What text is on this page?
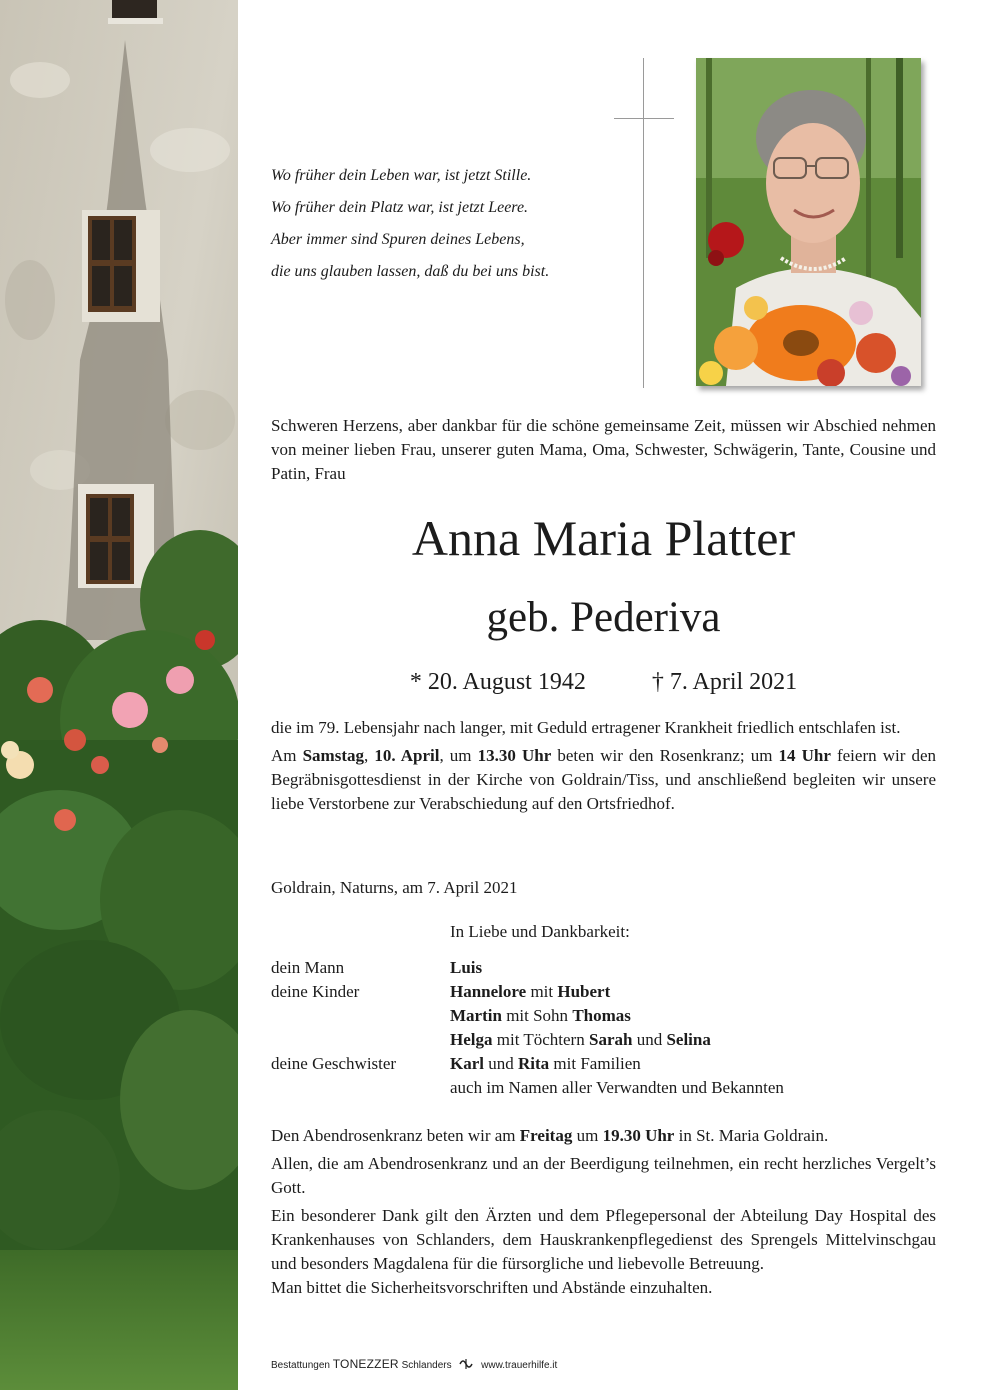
Wo früher dein Leben war, ist jetzt Stille.
Wo früher dein Platz war, ist jetzt Leere.
Aber immer sind Spuren deines Lebens,
die uns glauben lassen, daß du bei uns bist.

Schweren Herzens, aber dankbar für die schöne gemeinsame Zeit, müssen wir Abschied nehmen von meiner lieben Frau, unserer guten Mama, Oma, Schwester, Schwägerin, Tante, Cousine und Patin, Frau

Anna Maria Platter
geb. Pederiva
* 20. August 1942	† 7. April 2021

die im 79. Lebensjahr nach langer, mit Geduld ertragener Krankheit friedlich entschlafen ist.

Am Samstag, 10. April, um 13.30 Uhr beten wir den Rosenkranz; um 14 Uhr feiern wir den Begräbnisgottesdienst in der Kirche von Goldrain/Tiss, und anschließend begleiten wir unsere liebe Verstorbene zur Verabschiedung auf den Ortsfriedhof.

Goldrain, Naturns, am 7. April 2021
In Liebe und Dankbarkeit:
dein Mann	Luis
deine Kinder	Hannelore mit Hubert
Martin mit Sohn Thomas
Helga mit Töchtern Sarah und Selina
deine Geschwister	Karl und Rita mit Familien
auch im Namen aller Verwandten und Bekannten

Den Abendrosenkranz beten wir am Freitag um 19.30 Uhr in St. Maria Goldrain.

Allen, die am Abendrosenkranz und an der Beerdigung teilnehmen, ein recht herzliches Vergelt’s Gott.

Ein besonderer Dank gilt den Ärzten und dem Pflegepersonal der Abteilung Day Hospital des Krankenhauses von Schlanders, dem Hauskrankenpflegedienst des Sprengels Mittelvinschgau und besonders Magdalena für die fürsorgliche und liebevolle Betreuung.

Man bittet die Sicherheitsvorschriften und Abstände einzuhalten.

Bestattungen TONEZZER Schlanders	www.trauerhilfe.it
